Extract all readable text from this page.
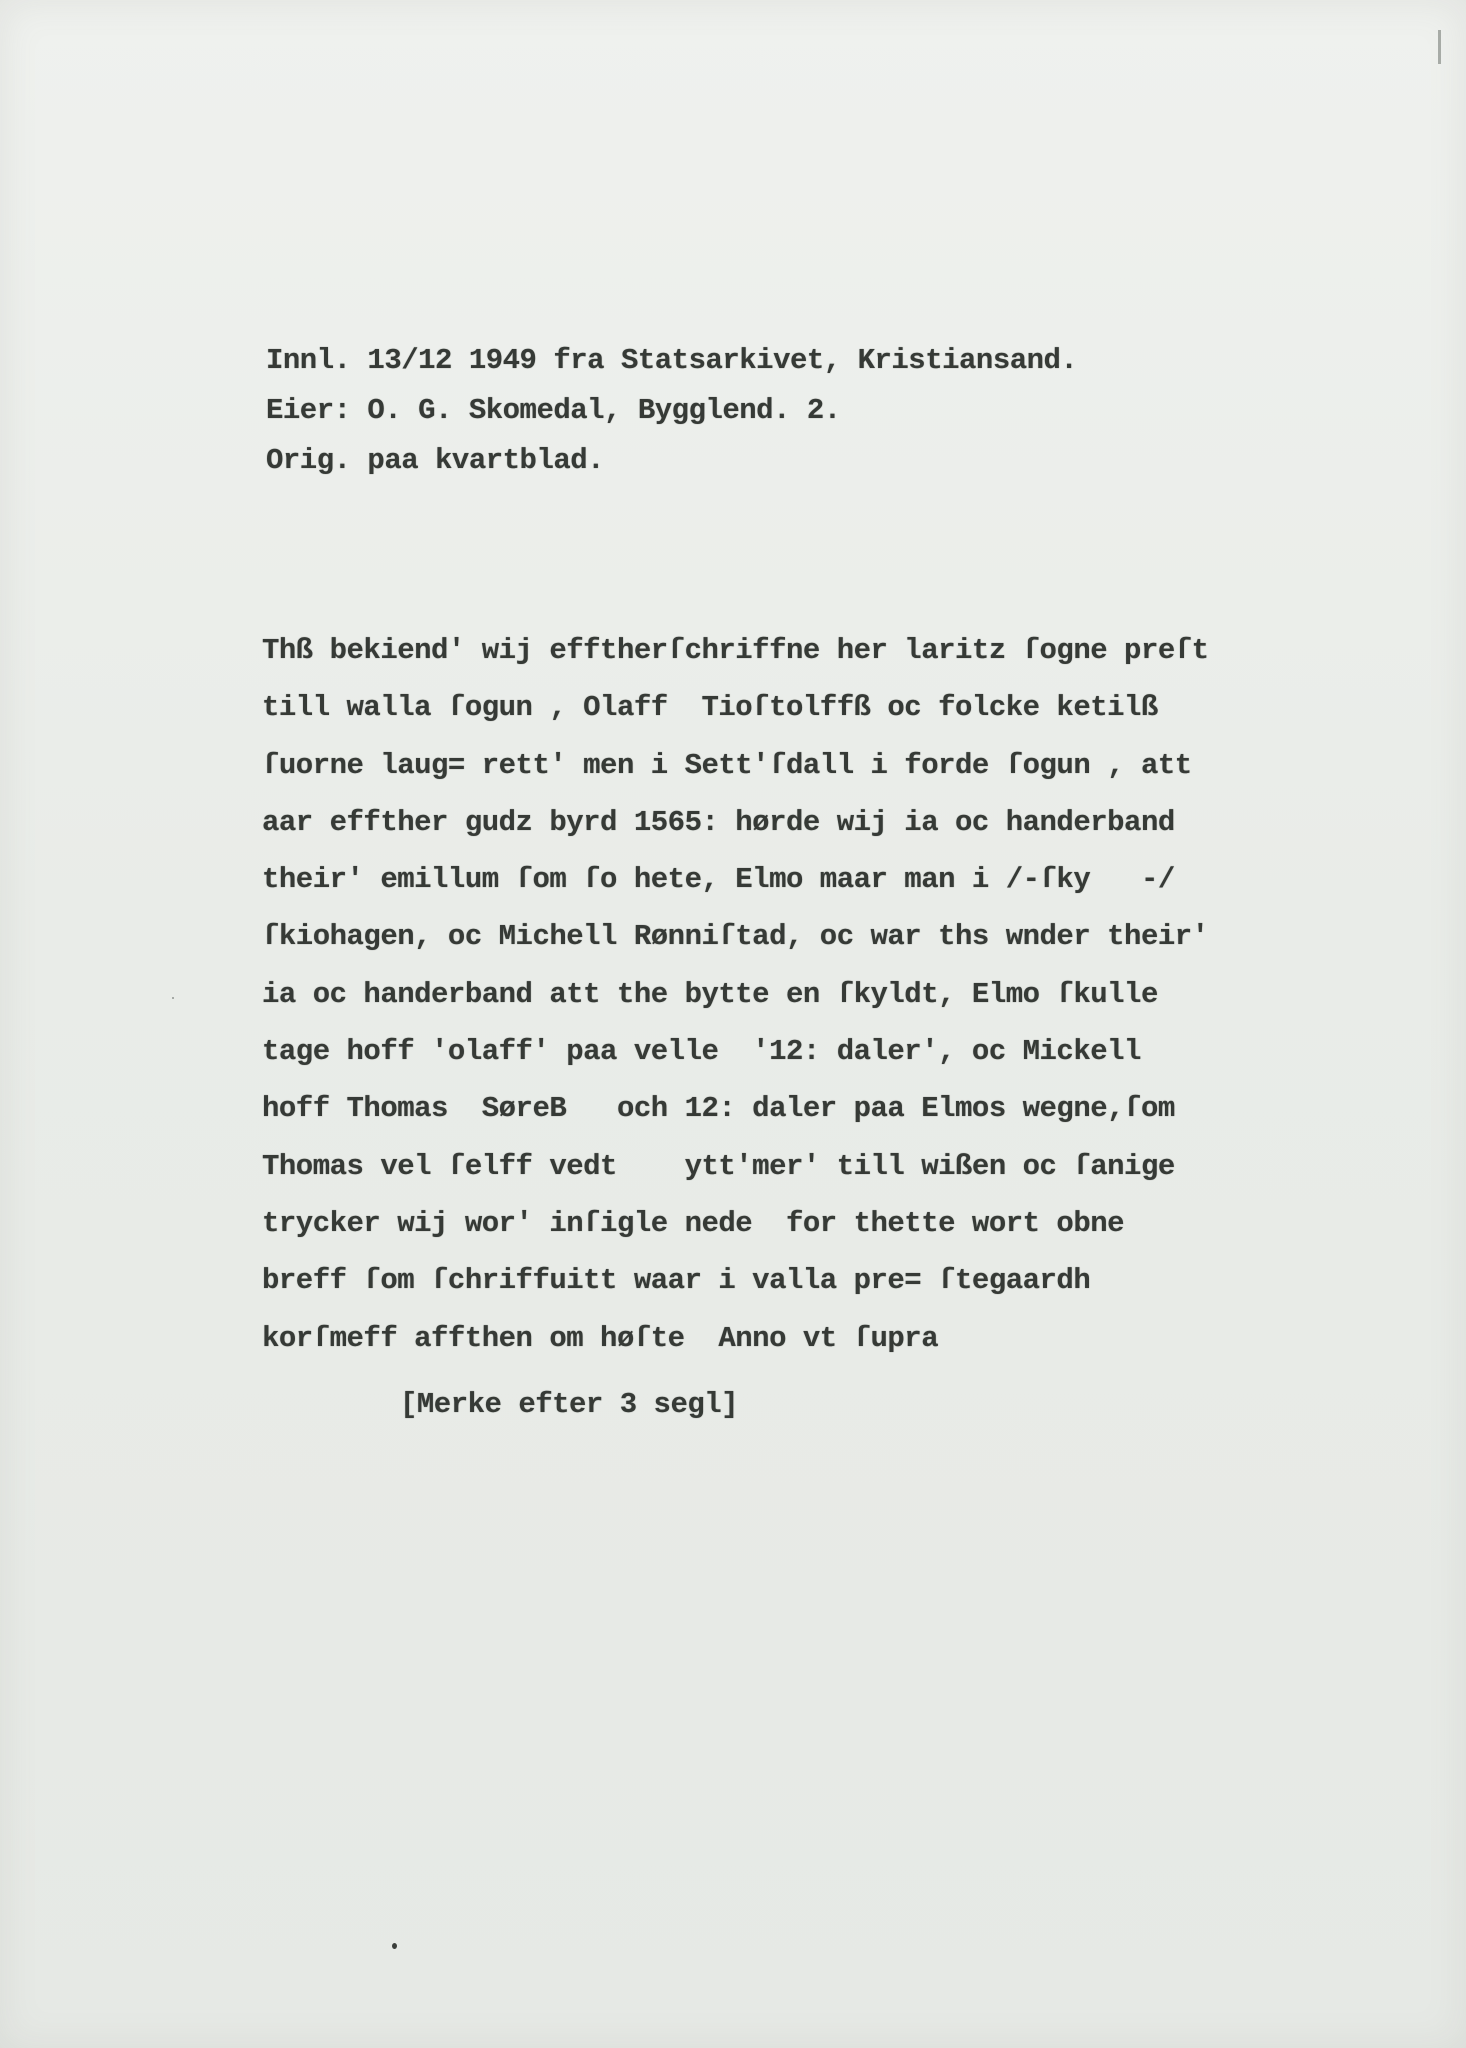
Innl. 13/12 1949 fra Statsarkivet, Kristiansand.
Eier: O. G. Skomedal, Bygglend. 2.
Orig. paa kvartblad.
Thß bekiend' wij efftherſchriffne her laritz ſogne preſt
till walla ſogun , Olaff  Tioſtolffß oc folcke ketilß
ſuorne laug= rett' men i Sett'ſdall i forde ſogun , att
aar effther gudz byrd 1565: hørde wij ia oc handerband
their' emillum ſom ſo hete, Elmo maar man i /-ſky   -/
ſkiohagen, oc Michell Rønniſtad, oc war ths wnder their'
ia oc handerband att the bytte en ſkyldt, Elmo ſkulle
tage hoff 'olaff' paa velle  '12: daler', oc Mickell
hoff Thomas  SøreB   och 12: daler paa Elmos wegne,ſom
Thomas vel ſelff vedt    ytt'mer' till wißen oc ſanige
trycker wij wor' inſigle nede  for thette wort obne
breff ſom ſchriffuitt waar i valla pre= ſtegaardh
korſmeff affthen om høſte  Anno vt ſupra
[Merke efter 3 segl]
